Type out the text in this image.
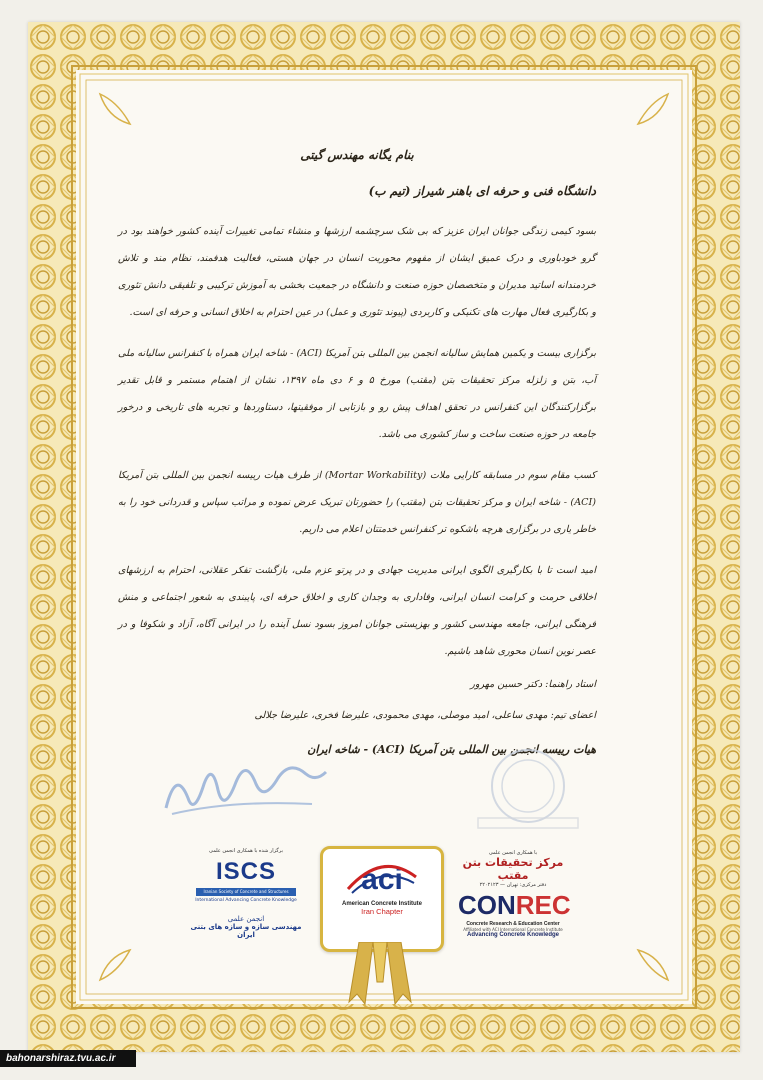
بنام یگانه مهندس گیتی
دانشگاه فنی و حرفه ای باهنر شیراز (تیم ب)

بسود کیمی زندگی جوانان ایران عزیز که بی شک سرچشمه ارزشها و منشاء تمامی تغییرات آینده کشور خواهند بود در گرو خودباوری و درک عمیق ایشان از مفهوم محوریت انسان در جهان هستی، فعالیت هدفمند، نظام مند و تلاش خردمندانه اساتید مدیران و متخصصان حوزه صنعت و دانشگاه در جمعیت بخشی به آموزش ترکیبی و تلفیقی دانش تئوری و بکارگیری فعال مهارت های تکنیکی و کاربردی (پیوند تئوری و عمل) در عین احترام به اخلاق انسانی و حرفه ای است.

برگزاری بیست و یکمین همایش سالیانه انجمن بین المللی بتن آمریکا (ACI) - شاخه ایران همراه با کنفرانس سالیانه ملی آب، بتن و زلزله مرکز تحقیقات بتن (مقتب) مورخ ۵ و ۶ دی ماه ۱۳۹۷، نشان از اهتمام مستمر و قابل تقدیر برگزارکنندگان این کنفرانس در تحقق اهداف پیش رو و بازتابی از موفقیتها، دستاوردها و تجربه های تاریخی و درخور جامعه در حوزه صنعت ساخت و ساز کشوری می باشد.

کسب مقام سوم در مسابقه کارایی ملات (Mortar Workability) از طرف هیات رییسه انجمن بین المللی بتن آمریکا (ACI) - شاخه ایران و مرکز تحقیقات بتن (مقتب) را حضورتان تبریک عرض نموده و مراتب سپاس و قدردانی خود را به خاطر یاری در برگزاری هرچه باشکوه تر کنفرانس خدمتتان اعلام می داریم.

امید است تا با بکارگیری الگوی ایرانی مدیریت جهادی و در پرتو عزم ملی، بازگشت تفکر عقلانی، احترام به ارزشهای اخلاقی حرمت و کرامت انسان ایرانی، وفاداری به وجدان کاری و اخلاق حرفه ای، پایبندی به شعور اجتماعی و منش فرهنگی ایرانی، جامعه مهندسی کشور و بهزیستی جوانان امروز بسود نسل آینده را در ایرانی آگاه، آزاد و شکوفا و در عصر نوین انسان محوری شاهد باشیم.

استاد راهنما: دکتر حسین مهرور
اعضای تیم: مهدی ساعلی، امید موصلی، مهدی محمودی، علیرضا فخری، علیرضا جلالی
هیات رییسه انجمن بین المللی بتن آمریکا (ACI) - شاخه ایران
برگزار شده با همکاری انجمن علمی
ISCS
Iranian Society of Concrete and Structures
International Advancing Concrete Knowledge
انجمن علمی
مهندسی سازه و سازه های بتنی ایران
aci
American Concrete Institute
Iran Chapter
با همکاری انجمن علمی
مرکز تحقیقات بتن مقتب
دفتر مرکزی: تهران — ۲۲۰۲۱۲۳
CONREC
Concrete Research & Education Center
Affiliated with ACI International Concrete Institute
Advancing Concrete Knowledge
bahonarshiraz.tvu.ac.ir
